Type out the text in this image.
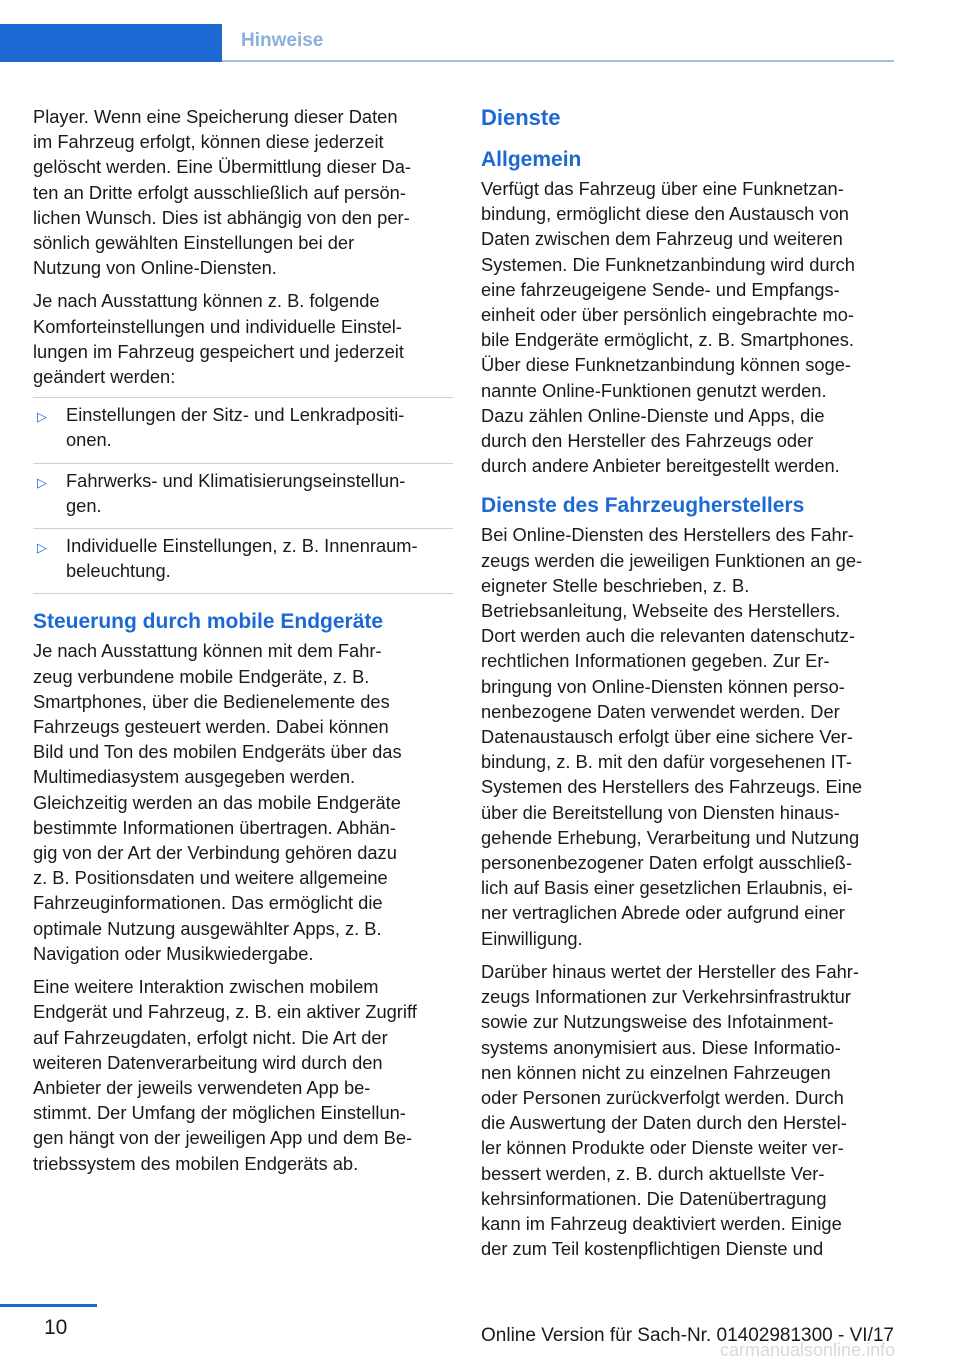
Hinweise

Player. Wenn eine Speicherung dieser Daten
im Fahrzeug erfolgt, können diese jederzeit
gelöscht werden. Eine Übermittlung dieser Da‐
ten an Dritte erfolgt ausschließlich auf persön‐
lichen Wunsch. Dies ist abhängig von den per‐
sönlich gewählten Einstellungen bei der
Nutzung von Online-Diensten.

Je nach Ausstattung können z. B. folgende
Komforteinstellungen und individuelle Einstel‐
lungen im Fahrzeug gespeichert und jederzeit
geändert werden:

▷ Einstellungen der Sitz- und Lenkradpositi‐
onen.
▷ Fahrwerks- und Klimatisierungseinstellun‐
gen.
▷ Individuelle Einstellungen, z. B. Innenraum‐
beleuchtung.
Steuerung durch mobile Endgeräte

Je nach Ausstattung können mit dem Fahr‐
zeug verbundene mobile Endgeräte, z. B.
Smartphones, über die Bedienelemente des
Fahrzeugs gesteuert werden. Dabei können
Bild und Ton des mobilen Endgeräts über das
Multimediasystem ausgegeben werden.
Gleichzeitig werden an das mobile Endgeräte
bestimmte Informationen übertragen. Abhän‐
gig von der Art der Verbindung gehören dazu
z. B. Positionsdaten und weitere allgemeine
Fahrzeuginformationen. Das ermöglicht die
optimale Nutzung ausgewählter Apps, z. B.
Navigation oder Musikwiedergabe.

Eine weitere Interaktion zwischen mobilem
Endgerät und Fahrzeug, z. B. ein aktiver Zugriff
auf Fahrzeugdaten, erfolgt nicht. Die Art der
weiteren Datenverarbeitung wird durch den
Anbieter der jeweils verwendeten App be‐
stimmt. Der Umfang der möglichen Einstellun‐
gen hängt von der jeweiligen App und dem Be‐
triebssystem des mobilen Endgeräts ab.

Dienste
Allgemein

Verfügt das Fahrzeug über eine Funknetzan‐
bindung, ermöglicht diese den Austausch von
Daten zwischen dem Fahrzeug und weiteren
Systemen. Die Funknetzanbindung wird durch
eine fahrzeugeigene Sende- und Empfangs‐
einheit oder über persönlich eingebrachte mo‐
bile Endgeräte ermöglicht, z. B. Smartphones.
Über diese Funknetzanbindung können soge‐
nannte Online-Funktionen genutzt werden.
Dazu zählen Online-Dienste und Apps, die
durch den Hersteller des Fahrzeugs oder
durch andere Anbieter bereitgestellt werden.

Dienste des Fahrzeugherstellers

Bei Online-Diensten des Herstellers des Fahr‐
zeugs werden die jeweiligen Funktionen an ge‐
eigneter Stelle beschrieben, z. B.
Betriebsanleitung, Webseite des Herstellers.
Dort werden auch die relevanten datenschutz‐
rechtlichen Informationen gegeben. Zur Er‐
bringung von Online-Diensten können perso‐
nenbezogene Daten verwendet werden. Der
Datenaustausch erfolgt über eine sichere Ver‐
bindung, z. B. mit den dafür vorgesehenen IT-
Systemen des Herstellers des Fahrzeugs. Eine
über die Bereitstellung von Diensten hinaus‐
gehende Erhebung, Verarbeitung und Nutzung
personenbezogener Daten erfolgt ausschließ‐
lich auf Basis einer gesetzlichen Erlaubnis, ei‐
ner vertraglichen Abrede oder aufgrund einer
Einwilligung.

Darüber hinaus wertet der Hersteller des Fahr‐
zeugs Informationen zur Verkehrsinfrastruktur
sowie zur Nutzungsweise des Infotainment-
systems anonymisiert aus. Diese Informatio‐
nen können nicht zu einzelnen Fahrzeugen
oder Personen zurückverfolgt werden. Durch
die Auswertung der Daten durch den Herstel‐
ler können Produkte oder Dienste weiter ver‐
bessert werden, z. B. durch aktuellste Ver‐
kehrsinformationen. Die Datenübertragung
kann im Fahrzeug deaktiviert werden. Einige
der zum Teil kostenpflichtigen Dienste und

10	Online Version für Sach-Nr. 01402981300 - VI/17
carmanualsonline.info
